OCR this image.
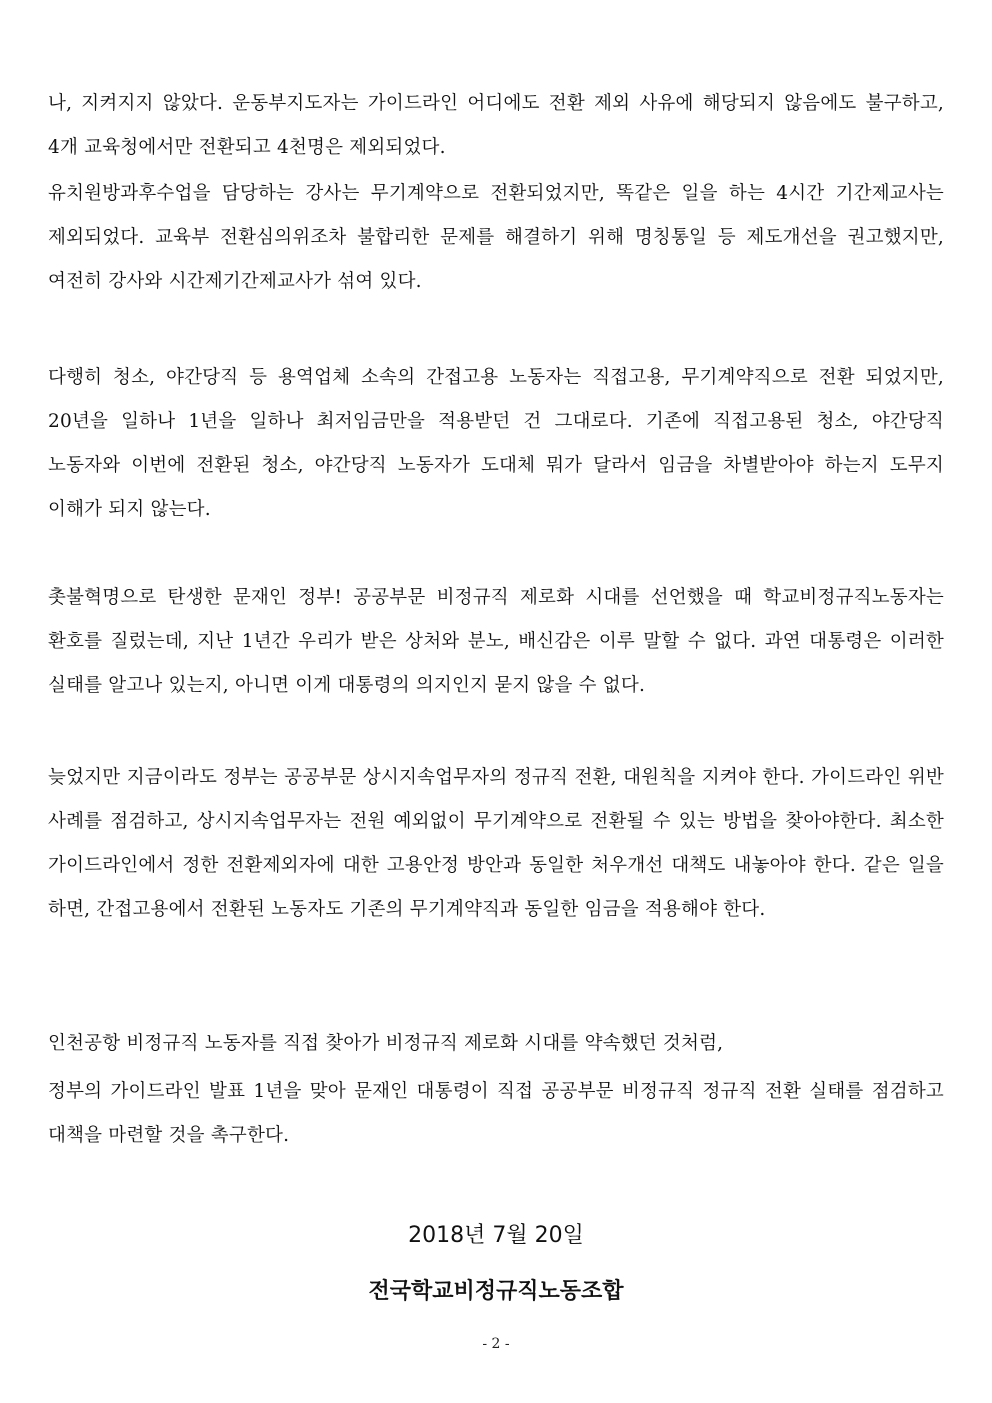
나, 지켜지지 않았다. 운동부지도자는 가이드라인 어디에도 전환 제외 사유에 해당되지 않음에도 불구하고, 4개 교육청에서만 전환되고 4천명은 제외되었다.

유치원방과후수업을 담당하는 강사는 무기계약으로 전환되었지만, 똑같은 일을 하는 4시간 기간제교사는 제외되었다. 교육부 전환심의위조차 불합리한 문제를 해결하기 위해 명칭통일 등 제도개선을 권고했지만, 여전히 강사와 시간제기간제교사가 섞여 있다.

다행히 청소, 야간당직 등 용역업체 소속의 간접고용 노동자는 직접고용, 무기계약직으로 전환 되었지만, 20년을 일하나 1년을 일하나 최저임금만을 적용받던 건 그대로다. 기존에 직접고용된 청소, 야간당직 노동자와 이번에 전환된 청소, 야간당직 노동자가 도대체 뭐가 달라서 임금을 차별받아야 하는지 도무지 이해가 되지 않는다.

촛불혁명으로 탄생한 문재인 정부! 공공부문 비정규직 제로화 시대를 선언했을 때 학교비정규직노동자는 환호를 질렀는데, 지난 1년간 우리가 받은 상처와 분노, 배신감은 이루 말할 수 없다. 과연 대통령은 이러한 실태를 알고나 있는지, 아니면 이게 대통령의 의지인지 묻지 않을 수 없다.

늦었지만 지금이라도 정부는 공공부문 상시지속업무자의 정규직 전환, 대원칙을 지켜야 한다. 가이드라인 위반 사례를 점검하고, 상시지속업무자는 전원 예외없이 무기계약으로 전환될 수 있는 방법을 찾아야한다. 최소한 가이드라인에서 정한 전환제외자에 대한 고용안정 방안과 동일한 처우개선 대책도 내놓아야 한다. 같은 일을 하면, 간접고용에서 전환된 노동자도 기존의 무기계약직과 동일한 임금을 적용해야 한다.

인천공항 비정규직 노동자를 직접 찾아가 비정규직 제로화 시대를 약속했던 것처럼,

정부의 가이드라인 발표 1년을 맞아 문재인 대통령이 직접 공공부문 비정규직 정규직 전환 실태를 점검하고 대책을 마련할 것을 촉구한다.

2018년 7월 20일
전국학교비정규직노동조합
- 2 -
